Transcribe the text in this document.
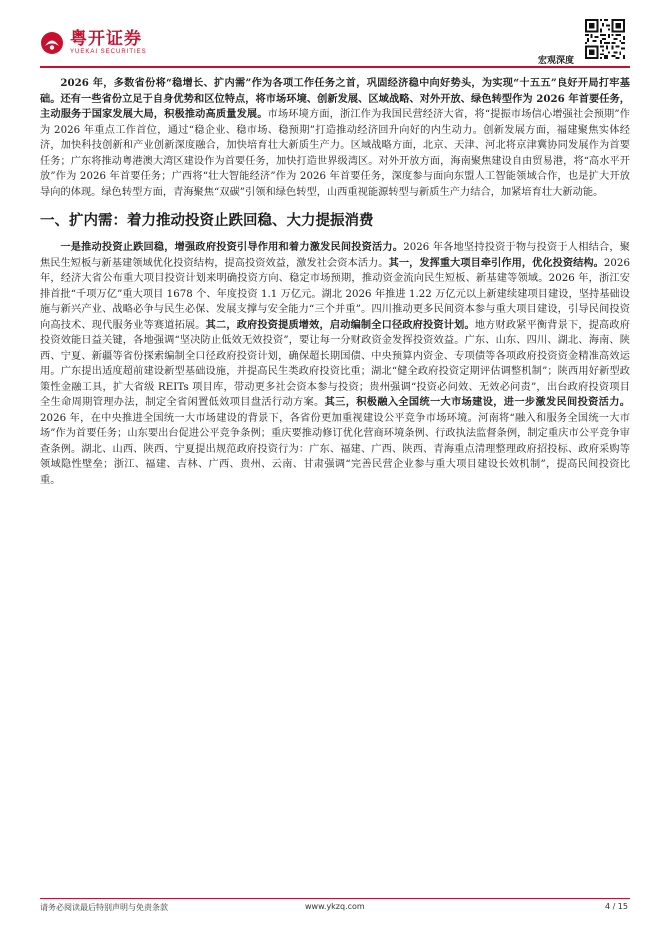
粤开证券
YUEKAI SECURITIES
宏观深度

2026 年，多数省份将“稳增长、扩内需”作为各项工作任务之首，巩固经济稳中向好势头，为实现“十五五”良好开局打牢基础。还有一些省份立足于自身优势和区位特点，将市场环境、创新发展、区域战略、对外开放、绿色转型作为 2026 年首要任务，主动服务于国家发展大局，积极推动高质量发展。市场环境方面，浙江作为我国民营经济大省，将“提振市场信心增强社会预期”作为 2026 年重点工作首位，通过“稳企业、稳市场、稳预期”打造推动经济回升向好的内生动力。创新发展方面，福建聚焦实体经济，加快科技创新和产业创新深度融合，加快培育壮大新质生产力。区域战略方面，北京、天津、河北将京津冀协同发展作为首要任务；广东将推动粤港澳大湾区建设作为首要任务，加快打造世界级湾区。对外开放方面，海南聚焦建设自由贸易港，将“高水平开放”作为 2026 年首要任务；广西将“壮大智能经济”作为 2026 年首要任务，深度参与面向东盟人工智能领域合作，也是扩大开放导向的体现。绿色转型方面，青海聚焦“双碳”引领和绿色转型，山西重视能源转型与新质生产力结合，加紧培育壮大新动能。

一、扩内需：着力推动投资止跌回稳、大力提振消费

一是推动投资止跌回稳，增强政府投资引导作用和着力激发民间投资活力。2026 年各地坚持投资于物与投资于人相结合，聚焦民生短板与新基建领域优化投资结构，提高投资效益，激发社会资本活力。其一，发挥重大项目牵引作用，优化投资结构。2026 年，经济大省公布重大项目投资计划来明确投资方向、稳定市场预期，推动资金流向民生短板、新基建等领域。2026 年，浙江安排首批“千项万亿”重大项目 1678 个、年度投资 1.1 万亿元。湖北 2026 年推进 1.22 万亿元以上新建续建项目建设，坚持基础设施与新兴产业、战略必争与民生必保、发展支撑与安全能力“三个并重”。四川推动更多民间资本参与重大项目建设，引导民间投资向高技术、现代服务业等赛道拓展。其二，政府投资提质增效，启动编制全口径政府投资计划。地方财政紧平衡背景下，提高政府投资效能日益关键，各地强调“坚决防止低效无效投资”，要让每一分财政资金发挥投资效益。广东、山东、四川、湖北、海南、陕西、宁夏、新疆等省份探索编制全口径政府投资计划，确保超长期国债、中央预算内资金、专项债等各项政府投资资金精准高效运用。广东提出适度超前建设新型基础设施，并提高民生类政府投资比重；湖北“健全政府投资定期评估调整机制”；陕西用好新型政策性金融工具，扩大省级 REITs 项目库，带动更多社会资本参与投资；贵州强调“投资必问效、无效必问责”，出台政府投资项目全生命周期管理办法，制定全省闲置低效项目盘活行动方案。其三，积极融入全国统一大市场建设，进一步激发民间投资活力。2026 年，在中央推进全国统一大市场建设的背景下，各省份更加重视建设公平竞争市场环境。河南将“融入和服务全国统一大市场”作为首要任务；山东要出台促进公平竞争条例；重庆要推动修订优化营商环境条例、行政执法监督条例，制定重庆市公平竞争审查条例。湖北、山西、陕西、宁夏提出规范政府投资行为：广东、福建、广西、陕西、青海重点清理整理政府招投标、政府采购等领域隐性壁垒；浙江、福建、吉林、广西、贵州、云南、甘肃强调“完善民营企业参与重大项目建设长效机制”，提高民间投资比重。

请务必阅读最后特别声明与免责条款	www.ykzq.com	4 / 15
